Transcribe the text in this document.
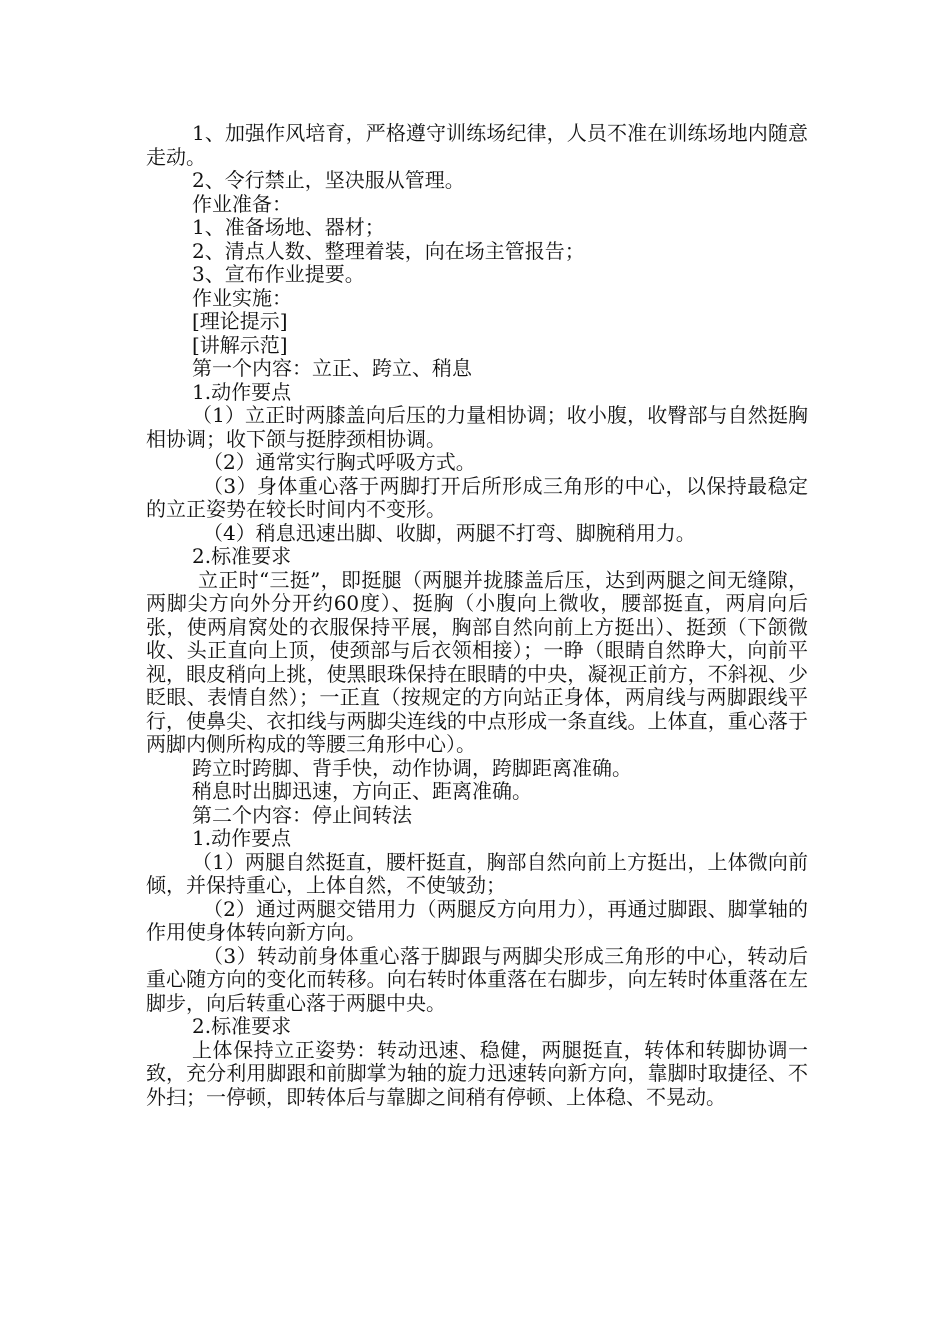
1、加强作风培育，严格遵守训练场纪律，人员不准在训练场地内随意走动。

2、令行禁止，坚决服从管理。

作业准备：

1、准备场地、器材；

2、清点人数、整理着装，向在场主管报告；

3、宣布作业提要。

作业实施：

[理论提示]

[讲解示范]

第一个内容：立正、跨立、稍息

1.动作要点

（1）立正时两膝盖向后压的力量相协调；收小腹，收臀部与自然挺胸相协调；收下颌与挺脖颈相协调。

（2）通常实行胸式呼吸方式。

（3）身体重心落于两脚打开后所形成三角形的中心，以保持最稳定的立正姿势在较长时间内不变形。

（4）稍息迅速出脚、收脚，两腿不打弯、脚腕稍用力。

2.标准要求

立正时“三挺”，即挺腿（两腿并拢膝盖后压，达到两腿之间无缝隙，两脚尖方向外分开约60度）、挺胸（小腹向上微收，腰部挺直，两肩向后张，使两肩窝处的衣服保持平展，胸部自然向前上方挺出）、挺颈（下颌微收、头正直向上顶，使颈部与后衣领相接）；一睁（眼睛自然睁大，向前平视，眼皮稍向上挑，使黑眼珠保持在眼睛的中央，凝视正前方，不斜视、少眨眼、表情自然）；一正直（按规定的方向站正身体，两肩线与两脚跟线平行，使鼻尖、衣扣线与两脚尖连线的中点形成一条直线。上体直，重心落于两脚内侧所构成的等腰三角形中心）。

跨立时跨脚、背手快，动作协调，跨脚距离准确。

稍息时出脚迅速，方向正、距离准确。

第二个内容：停止间转法

1.动作要点

（1）两腿自然挺直，腰杆挺直，胸部自然向前上方挺出，上体微向前倾，并保持重心，上体自然，不使皱劲；

（2）通过两腿交错用力（两腿反方向用力），再通过脚跟、脚掌轴的作用使身体转向新方向。

（3）转动前身体重心落于脚跟与两脚尖形成三角形的中心，转动后重心随方向的变化而转移。向右转时体重落在右脚步，向左转时体重落在左脚步，向后转重心落于两腿中央。

2.标准要求

上体保持立正姿势：转动迅速、稳健，两腿挺直，转体和转脚协调一致，充分利用脚跟和前脚掌为轴的旋力迅速转向新方向，靠脚时取捷径、不外扫；一停顿，即转体后与靠脚之间稍有停顿、上体稳、不晃动。
